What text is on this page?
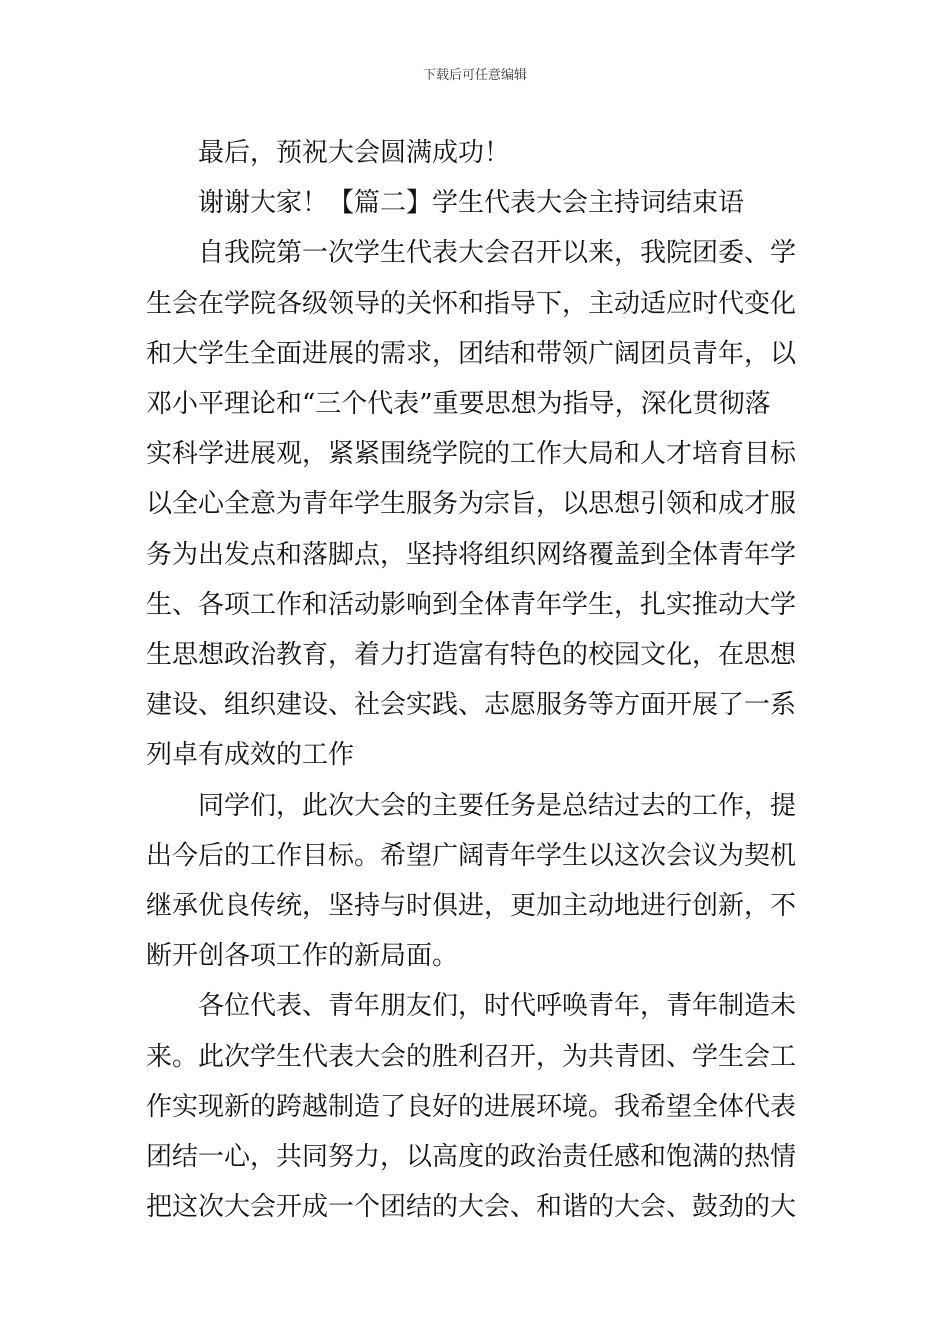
下载后可任意编辑
最后，预祝大会圆满成功！
谢谢大家！【篇二】学生代表大会主持词结束语
自我院第一次学生代表大会召开以来，我院团委、学
生会在学院各级领导的关怀和指导下，主动适应时代变化
和大学生全面进展的需求，团结和带领广阔团员青年，以
邓小平理论和“三个代表”重要思想为指导，深化贯彻落
实科学进展观，紧紧围绕学院的工作大局和人才培育目标
以全心全意为青年学生服务为宗旨，以思想引领和成才服
务为出发点和落脚点，坚持将组织网络覆盖到全体青年学
生、各项工作和活动影响到全体青年学生，扎实推动大学
生思想政治教育，着力打造富有特色的校园文化，在思想
建设、组织建设、社会实践、志愿服务等方面开展了一系
列卓有成效的工作
同学们，此次大会的主要任务是总结过去的工作，提
出今后的工作目标。希望广阔青年学生以这次会议为契机
继承优良传统，坚持与时俱进，更加主动地进行创新，不
断开创各项工作的新局面。
各位代表、青年朋友们，时代呼唤青年，青年制造未
来。此次学生代表大会的胜利召开，为共青团、学生会工
作实现新的跨越制造了良好的进展环境。我希望全体代表
团结一心，共同努力，以高度的政治责任感和饱满的热情
把这次大会开成一个团结的大会、和谐的大会、鼓劲的大
